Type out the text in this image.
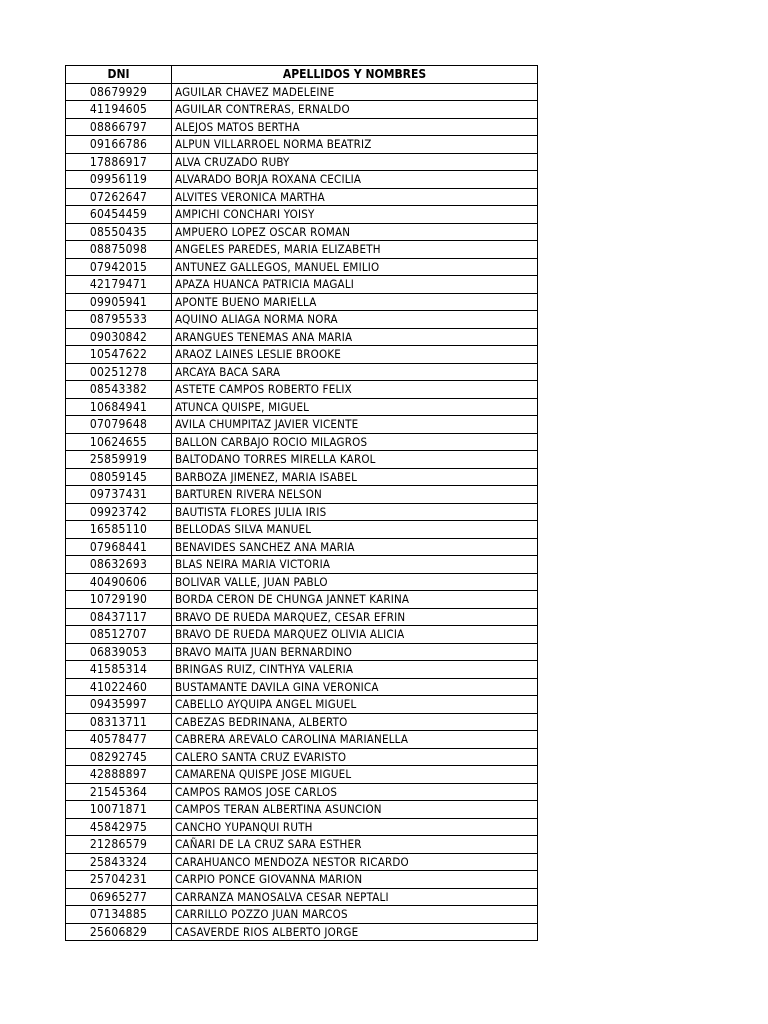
DNI	APELLIDOS Y NOMBRES
08679929	AGUILAR CHAVEZ MADELEINE
41194605	AGUILAR CONTRERAS, ERNALDO
08866797	ALEJOS MATOS BERTHA
09166786	ALPUN VILLARROEL NORMA BEATRIZ
17886917	ALVA CRUZADO RUBY
09956119	ALVARADO BORJA ROXANA CECILIA
07262647	ALVITES VERONICA MARTHA
60454459	AMPICHI CONCHARI YOISY
08550435	AMPUERO LOPEZ OSCAR ROMAN
08875098	ANGELES PAREDES, MARIA ELIZABETH
07942015	ANTUNEZ GALLEGOS, MANUEL EMILIO
42179471	APAZA HUANCA PATRICIA MAGALI
09905941	APONTE BUENO MARIELLA
08795533	AQUINO ALIAGA NORMA NORA
09030842	ARANGUES TENEMAS ANA MARIA
10547622	ARAOZ LAINES LESLIE BROOKE
00251278	ARCAYA BACA SARA
08543382	ASTETE CAMPOS ROBERTO FELIX
10684941	ATUNCA QUISPE, MIGUEL
07079648	AVILA CHUMPITAZ JAVIER VICENTE
10624655	BALLON CARBAJO ROCIO MILAGROS
25859919	BALTODANO TORRES MIRELLA KAROL
08059145	BARBOZA JIMENEZ, MARIA ISABEL
09737431	BARTUREN RIVERA NELSON
09923742	BAUTISTA FLORES JULIA IRIS
16585110	BELLODAS SILVA MANUEL
07968441	BENAVIDES SANCHEZ ANA MARIA
08632693	BLAS NEIRA MARIA VICTORIA
40490606	BOLIVAR VALLE, JUAN PABLO
10729190	BORDA CERON DE CHUNGA JANNET KARINA
08437117	BRAVO DE RUEDA MARQUEZ, CESAR EFRIN
08512707	BRAVO DE RUEDA MARQUEZ OLIVIA ALICIA
06839053	BRAVO MAITA JUAN BERNARDINO
41585314	BRINGAS RUIZ, CINTHYA VALERIA
41022460	BUSTAMANTE DAVILA GINA VERONICA
09435997	CABELLO AYQUIPA ANGEL MIGUEL
08313711	CABEZAS BEDRINANA, ALBERTO
40578477	CABRERA AREVALO CAROLINA MARIANELLA
08292745	CALERO SANTA CRUZ EVARISTO
42888897	CAMARENA QUISPE JOSE MIGUEL
21545364	CAMPOS RAMOS JOSE CARLOS
10071871	CAMPOS TERAN ALBERTINA ASUNCION
45842975	CANCHO YUPANQUI RUTH
21286579	CAÑARI DE LA CRUZ SARA ESTHER
25843324	CARAHUANCO MENDOZA NESTOR RICARDO
25704231	CARPIO PONCE GIOVANNA MARION
06965277	CARRANZA MANOSALVA CESAR NEPTALI
07134885	CARRILLO POZZO JUAN MARCOS
25606829	CASAVERDE RIOS ALBERTO JORGE
